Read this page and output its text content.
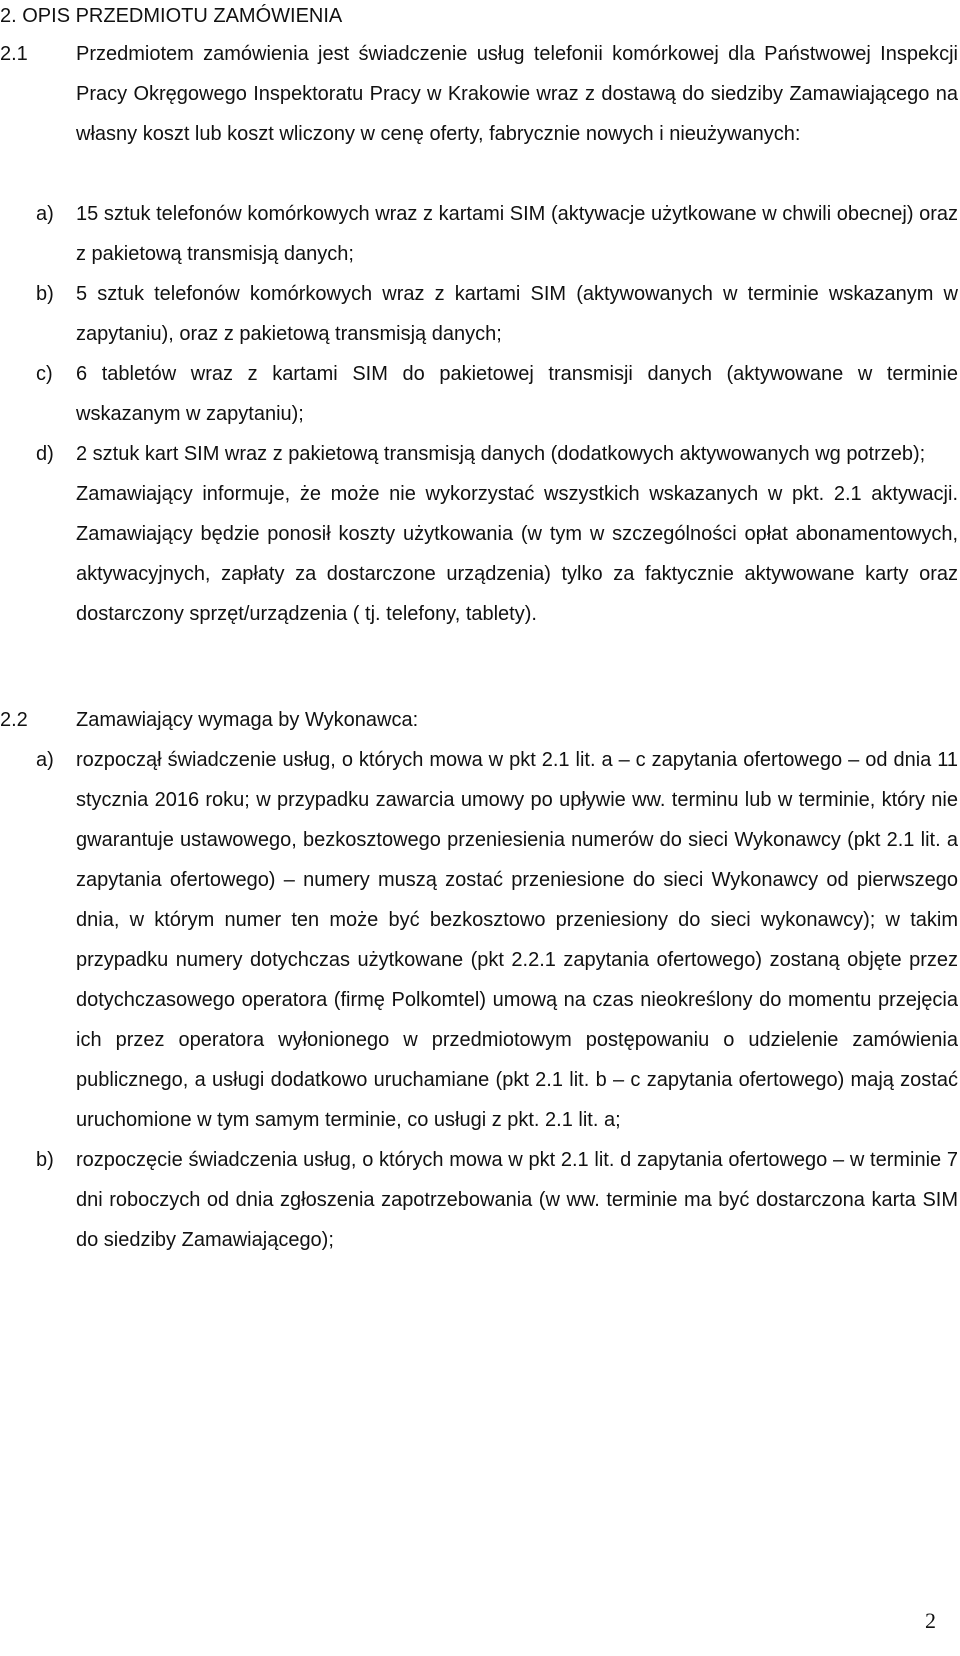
2. OPIS PRZEDMIOTU ZAMÓWIENIA
2.1 Przedmiotem zamówienia jest świadczenie usług telefonii komórkowej dla Państwowej Inspekcji Pracy Okręgowego Inspektoratu Pracy w Krakowie wraz z dostawą do siedziby Zamawiającego na własny koszt lub koszt wliczony w cenę oferty, fabrycznie nowych i nieużywanych:
a) 15 sztuk telefonów komórkowych wraz z kartami SIM (aktywacje użytkowane w chwili obecnej) oraz z pakietową transmisją danych;
b) 5 sztuk telefonów komórkowych wraz z kartami SIM (aktywowanych w terminie wskazanym w zapytaniu), oraz z pakietową transmisją danych;
c) 6 tabletów wraz z kartami SIM do pakietowej transmisji danych (aktywowane w terminie wskazanym w zapytaniu);
d) 2 sztuk kart SIM wraz z pakietową transmisją danych (dodatkowych aktywowanych wg potrzeb);
Zamawiający informuje, że może nie wykorzystać wszystkich wskazanych w pkt. 2.1 aktywacji. Zamawiający będzie ponosił koszty użytkowania (w tym w szczególności opłat abonamentowych, aktywacyjnych, zapłaty za dostarczone urządzenia) tylko za faktycznie aktywowane karty oraz dostarczony sprzęt/urządzenia ( tj. telefony, tablety).
2.2 Zamawiający wymaga by Wykonawca:
a) rozpoczął świadczenie usług, o których mowa w pkt 2.1 lit. a – c zapytania ofertowego – od dnia 11 stycznia 2016 roku; w przypadku zawarcia umowy po upływie ww. terminu lub w terminie, który nie gwarantuje ustawowego, bezkosztowego przeniesienia numerów do sieci Wykonawcy (pkt 2.1 lit. a zapytania ofertowego) – numery muszą zostać przeniesione do sieci Wykonawcy od pierwszego dnia, w którym numer ten może być bezkosztowo przeniesiony do sieci wykonawcy); w takim przypadku numery dotychczas użytkowane (pkt 2.2.1 zapytania ofertowego) zostaną objęte przez dotychczasowego operatora (firmę Polkomtel) umową na czas nieokreślony do momentu przejęcia ich przez operatora wyłonionego w przedmiotowym postępowaniu o udzielenie zamówienia publicznego, a usługi dodatkowo uruchamiane (pkt 2.1 lit. b – c zapytania ofertowego) mają zostać uruchomione w tym samym terminie, co usługi z pkt. 2.1 lit. a;
b) rozpoczęcie świadczenia usług, o których mowa w pkt 2.1 lit. d zapytania ofertowego – w terminie 7 dni roboczych od dnia zgłoszenia zapotrzebowania (w ww. terminie ma być dostarczona karta SIM do siedziby Zamawiającego);
2
